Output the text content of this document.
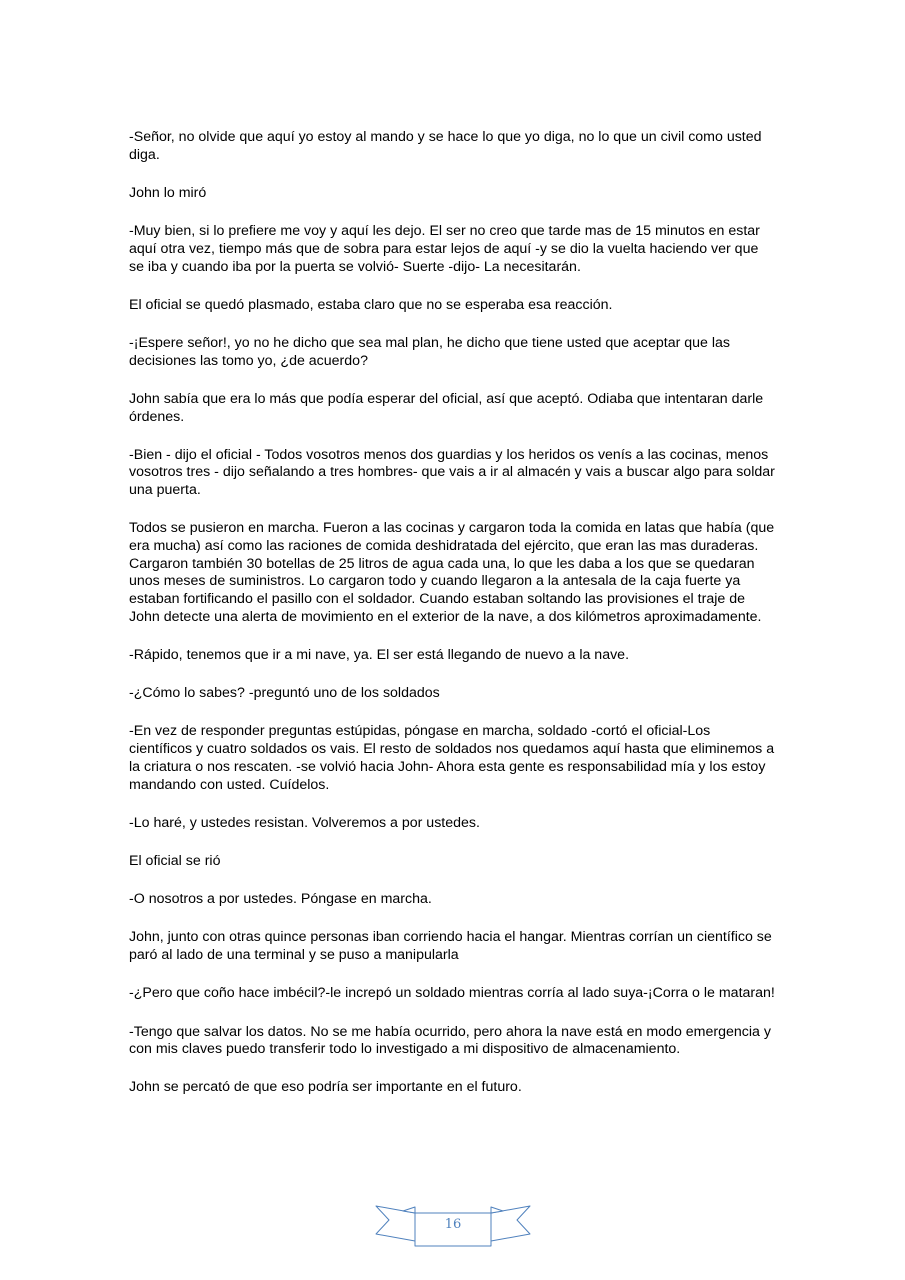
-Señor, no olvide que aquí yo estoy al mando y se hace lo que yo diga, no lo que un civil como usted diga.

John lo miró

-Muy bien, si lo prefiere me voy y aquí les dejo. El ser no creo que tarde mas de 15 minutos en estar aquí otra vez, tiempo más que de sobra para estar lejos de aquí -y se dio la vuelta haciendo ver que se iba y cuando iba por la puerta se volvió- Suerte -dijo- La necesitarán.

El oficial se quedó plasmado, estaba claro que no se esperaba esa reacción.

-¡Espere señor!, yo no he dicho que sea mal plan, he dicho que tiene usted que aceptar que las decisiones las tomo yo, ¿de acuerdo?

John sabía que era lo más que podía esperar del oficial, así que aceptó. Odiaba que intentaran darle órdenes.

-Bien - dijo el oficial - Todos vosotros menos dos guardias y los heridos os venís a las cocinas, menos vosotros tres - dijo señalando a tres hombres- que vais a ir al almacén y vais a buscar algo para soldar una puerta.

Todos se pusieron en marcha. Fueron a las cocinas y cargaron toda la comida en latas que había (que era mucha) así como las raciones de comida deshidratada del ejército, que eran las mas duraderas. Cargaron también 30 botellas de 25 litros de agua cada una, lo que les daba a los que se quedaran unos meses de suministros. Lo cargaron todo y cuando llegaron a la antesala de la caja fuerte ya estaban fortificando el pasillo con el soldador. Cuando estaban soltando las provisiones el traje de John detecte una alerta de movimiento en el exterior de la nave, a dos kilómetros aproximadamente.

-Rápido, tenemos que ir a mi nave, ya. El ser está llegando de nuevo a la nave.

-¿Cómo lo sabes? -preguntó uno de los soldados

-En vez de responder preguntas estúpidas, póngase en marcha, soldado -cortó el oficial-Los científicos y cuatro soldados os vais. El resto de soldados nos quedamos aquí hasta que eliminemos a la criatura o nos rescaten. -se volvió hacia John- Ahora esta gente es responsabilidad mía y los estoy mandando con usted. Cuídelos.

-Lo haré, y ustedes resistan. Volveremos a por ustedes.

El oficial se rió

-O nosotros a por ustedes. Póngase en marcha.

John, junto con otras quince personas iban corriendo hacia el hangar. Mientras corrían un científico se paró al lado de una terminal y se puso a manipularla

-¿Pero que coño hace imbécil?-le increpó un soldado mientras corría al lado suya-¡Corra o le mataran!

-Tengo que salvar los datos. No se me había ocurrido, pero ahora la nave está en modo emergencia y con mis claves puedo transferir todo lo investigado a mi dispositivo de almacenamiento.

John se percató de que eso podría ser importante en el futuro.

16
